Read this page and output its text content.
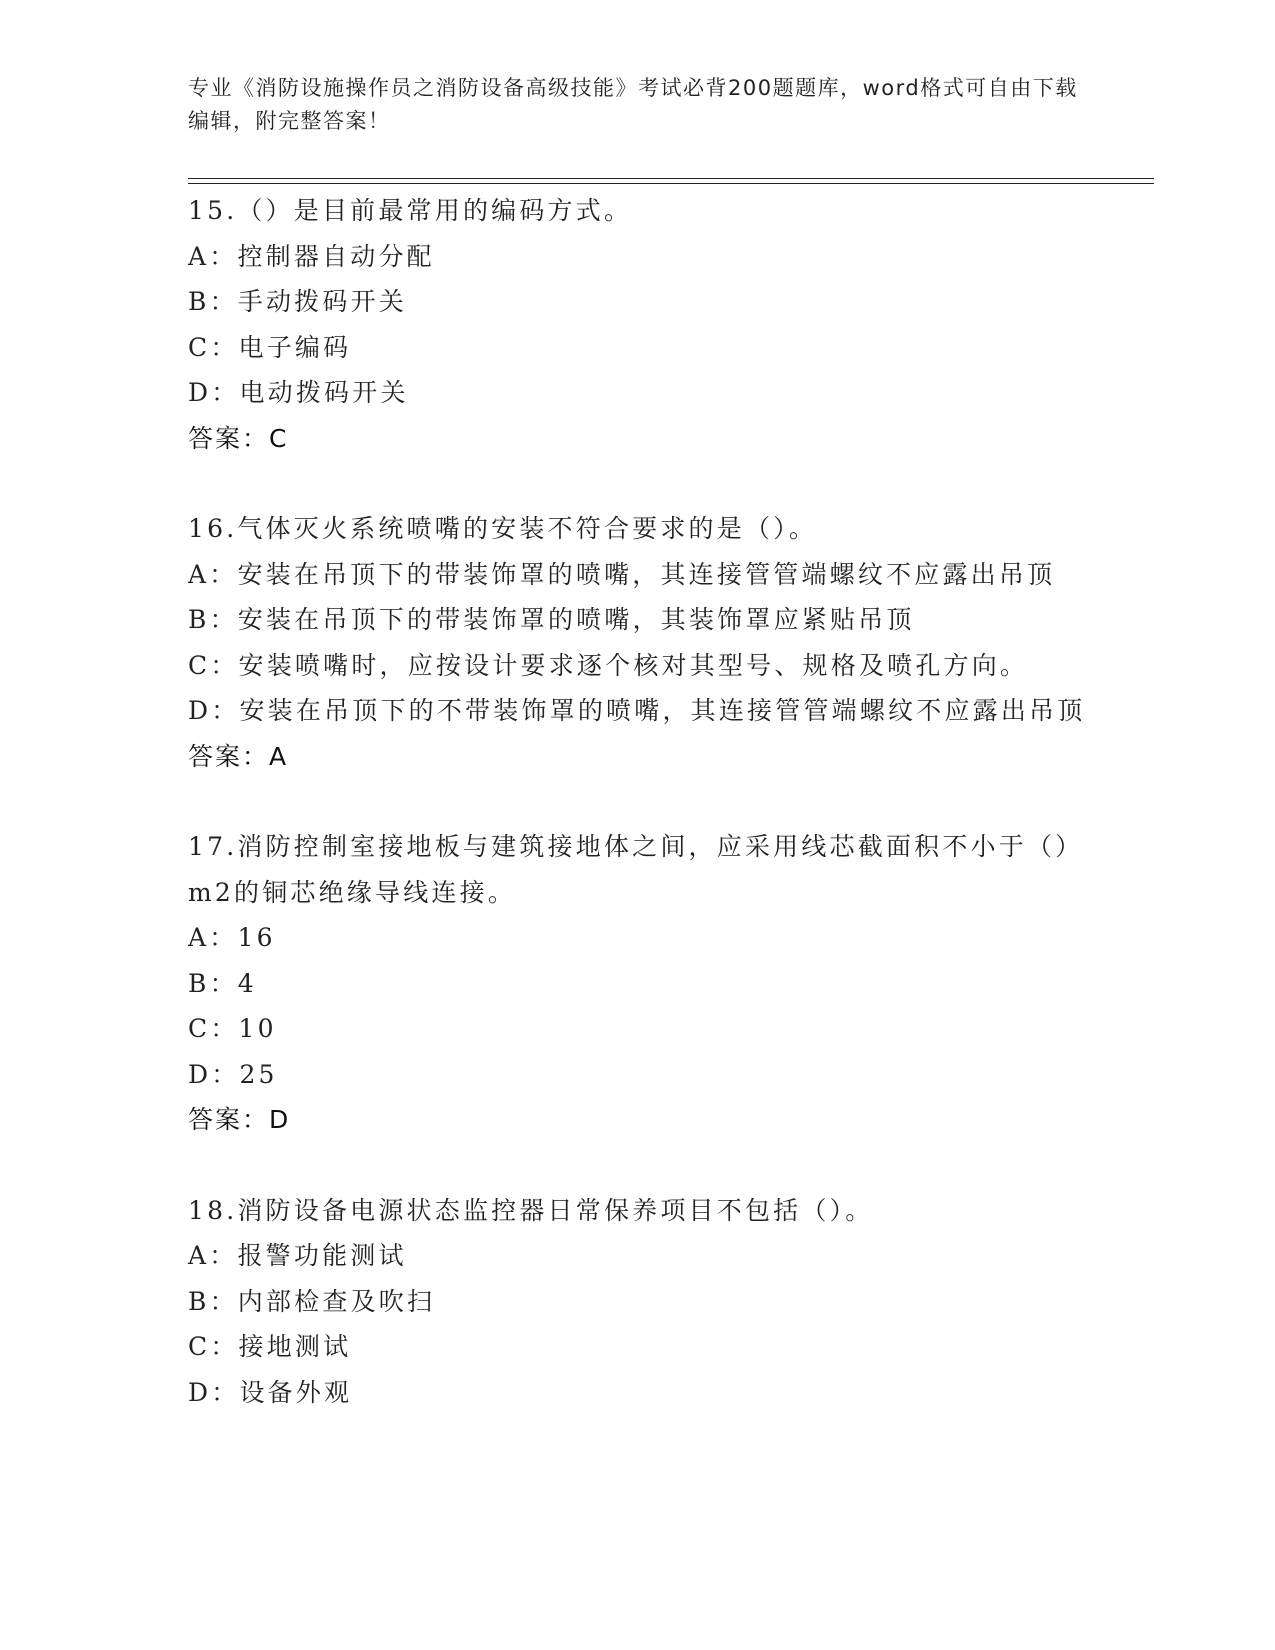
专业《消防设施操作员之消防设备高级技能》考试必背200题题库，word格式可自由下载编辑，附完整答案！
15.（）是目前最常用的编码方式。
A： 控制器自动分配
B： 手动拨码开关
C： 电子编码
D： 电动拨码开关
答案：C
16.气体灭火系统喷嘴的安装不符合要求的是（）。
A： 安装在吊顶下的带装饰罩的喷嘴，其连接管管端螺纹不应露出吊顶
B： 安装在吊顶下的带装饰罩的喷嘴，其装饰罩应紧贴吊顶
C： 安装喷嘴时，应按设计要求逐个核对其型号、规格及喷孔方向。
D： 安装在吊顶下的不带装饰罩的喷嘴，其连接管管端螺纹不应露出吊顶
答案：A
17.消防控制室接地板与建筑接地体之间，应采用线芯截面积不小于（）m2的铜芯绝缘导线连接。
A： 16
B： 4
C： 10
D： 25
答案：D
18.消防设备电源状态监控器日常保养项目不包括（）。
A： 报警功能测试
B： 内部检查及吹扫
C： 接地测试
D： 设备外观
